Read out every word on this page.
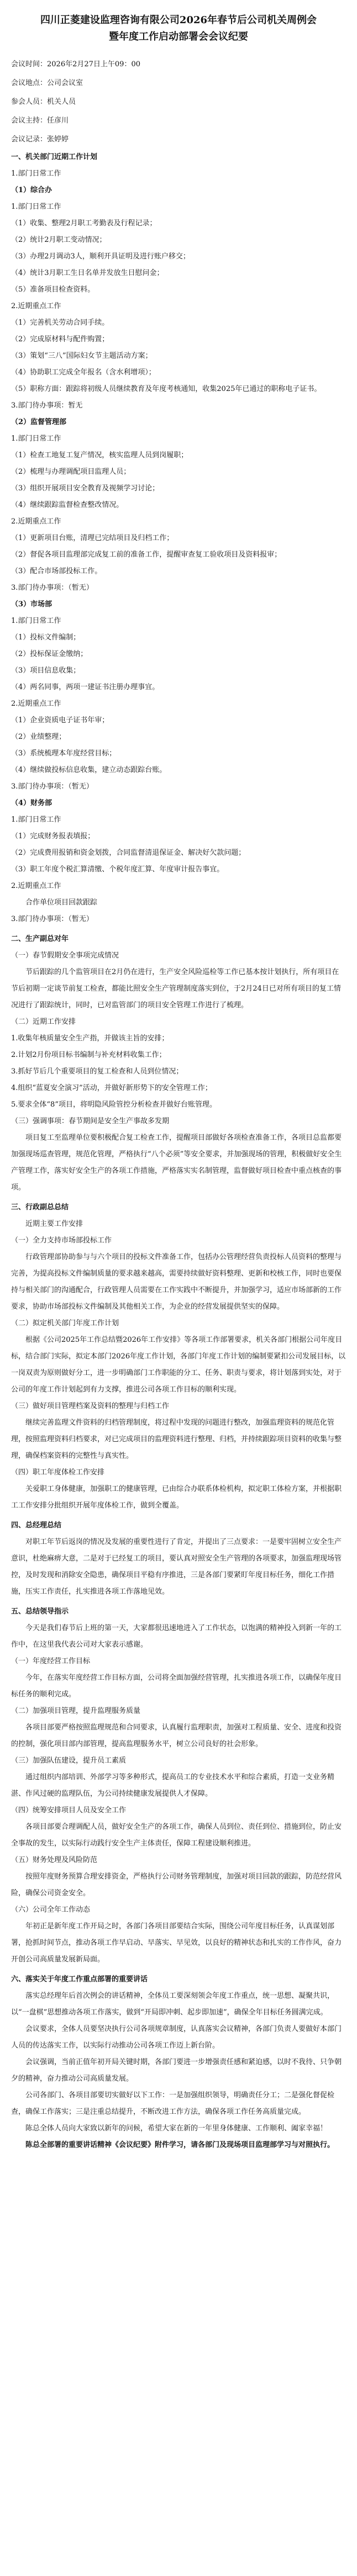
四川正菱建设监理咨询有限公司2026年春节后公司机关周例会
暨年度工作启动部署会会议纪要

会议时间：2026年2月27日上午09：00

会议地点：公司会议室

参会人员：机关人员

会议主持：任彦川

会议记录：张婷婷

一、机关部门近期工作计划

1.部门日常工作

（1）综合办

1.部门日常工作

（1）收集、整理2月职工考勤表及行程记录；

（2）统计2月职工变动情况；

（3）办理2月调动3人，顺利开具证明及进行账户移交；

（4）统计3月职工生日名单并发放生日慰问金；

（5）准备项目检查资料。

2.近期重点工作

（1）完善机关劳动合同手续。

（2）完成原材料与配件购置；

（3）策划“三八”国际妇女节主题活动方案；

（4）协助职工完成全年报名（含水利增项）；

（5）职称方面：跟踪将初级人员继续教育及年度考核通知，收集2025年已通过的职称电子证书。

3.部门待办事项：暂无

（2）监督管理部

1.部门日常工作

（1）检查工地复工复产情况，核实监理人员到岗履职；

（2）梳理与办理调配项目监理人员；

（3）组织开展项目安全教育及视频学习讨论；

（4）继续跟踪监督检查整改情况。

2.近期重点工作

（1）更新项目台账，清理已完结项目及归档工作；

（2）督促各项目监理部完成复工前的准备工作，提醒审查复工验收项目及资料报审；

（3）配合市场部投标工作。

3.部门待办事项：（暂无）

（3）市场部

1.部门日常工作

（1）投标文件编制；

（2）投标保证金缴纳；

（3）项目信息收集；

（4）两名同事，两项一建证书注册办理事宜。

2.近期重点工作

（1）企业资质电子证书年审；

（2）业绩整理；

（3）系统梳理本年度经营目标；

（4）继续做投标信息收集，建立动态跟踪台账。

3.部门待办事项：（暂无）

（4）财务部

1.部门日常工作

（1）完成财务报表填报；

（2）完成费用报销和资金划拨，合同监督清退保证金、解决好欠款问题；

（3）职工年度个税汇算清缴、个税年度汇算、年度审计报告事宜。

2.近期重点工作

合作单位项目回款跟踪

3.部门待办事项：（暂无）

二、生产副总对年

（一）春节假期安全事项完成情况

节后跟踪的几个监管项目在2月仍在进行，生产安全风险巡检等工作已基本按计划执行，所有项目在节后初期一定谈节前复工检查，都能比照安全生产管理制度落实到位，于2月24日已对所有项目的复工情况进行了跟踪统计，同时，已对监管部门的项目安全管理工作进行了梳理。

（二）近期工作安排

1.收集年核质量安全生产指，并做该主旨的安排；

2.计划2月份项目标书编制与补充材料收集工作；

3.抓好节后几个重要项目的复工检查和人员到位情况；

4.组织“蓝夏安全演习”活动，并做好新形势下的安全管理工作；

5.要求全体“8”项目，将明隐风险管控分析检查并做好台账管理。

（三）强调事项：春节期间是安全生产事故多发期

项目复工至监理单位要积极配合复工检查工作，提醒项目部做好各项检查准备工作，各项目总监都要加强现场巡查管理，规范化管理，严格执行“八个必须”等安全要求，并加强现场的管理，积极做好安全生产管理工作，落实好安全生产的各项工作措施，严格落实实名制管理，监督做好项目检查中重点核查的事项。

三、行政副总总结

近期主要工作安排

（一）全力支持市场部投标工作

行政管理部协助参与与六个项目的投标文件准备工作，包括办公管理经营负责投标人员资料的整理与完善，为提高投标文件编制质量的要求越来越高，需要持续做好资料整理、更新和校核工作，同时也要保持与相关部门的沟通配合，行政管理人员需要在工作实践中不断提升，并加强学习，适应市场部新的工作要求，协助市场部投标文件编制及其他相关工作，为企业的经营发展提供坚实的保障。

（二）拟定机关部门年度工作计划

根据《公司2025年工作总结暨2026年工作安排》等各项工作部署要求，机关各部门根据公司年度目标，结合部门实际，拟定本部门2026年度工作计划，各部门年度工作计划的编制要紧扣公司发展目标，以一岗双责为原则做好分工，进一步明确部门工作职能的分工、任务、职责与要求，将计划落到实处，对于公司的年度工作计划起到有力支撑，推进公司各项工作目标的顺利实现。

（三）做好项目管理档案及资料的整理与归档工作

继续完善监理文件资料的归档管理制度，将过程中发现的问题进行整改，加强监理资料的规范化管理，按照监理资料归档要求，对已完成项目的监理资料进行整理、归档，并持续跟踪项目资料的收集与整理，确保档案资料的完整性与真实性。

（四）职工年度体检工作安排

关爱职工身体健康，加强职工的健康管理，已由综合办联系体检机构，拟定职工体检方案，并根据职工工作安排分批组织开展年度体检工作，做到全覆盖。

四、总经理总结

对职工年节后返岗的情况及发展的重要性进行了肯定，并提出了三点要求：一是要牢固树立安全生产意识，杜绝麻痹大意，二是对于已经复工的项目，要认真对照安全生产管理的各项要求，加强监理现场管控，及时发现和消除安全隐患，确保项目平稳有序推进，三是各部门要紧盯年度目标任务，细化工作措施，压实工作责任，扎实推进各项工作落地见效。

五、总结领导指示

今天是我们春节后上班的第一天，大家都很迅速地进入了工作状态，以饱满的精神投入到新一年的工作中，在这里我代表公司对大家表示感谢。

（一）年度经营工作目标

今年，在落实年度经营工作目标方面，公司将全面加强经营管理，扎实推进各项工作，以确保年度目标任务的顺利完成。

（二）加强项目管理，提升监理服务质量

各项目部要严格按照监理规范和合同要求，认真履行监理职责，加强对工程质量、安全、进度和投资的控制，强化项目部内部管理，提高监理服务水平，树立公司良好的社会形象。

（三）加强队伍建设，提升员工素质

通过组织内部培训、外部学习等多种形式，提高员工的专业技术水平和综合素质，打造一支业务精湛、作风过硬的监理队伍，为公司持续健康发展提供人才保障。

（四）统筹安排项目人员及安全工作

各项目部要合理调配人员，做好安全生产的各项工作，确保人员到位、责任到位、措施到位，防止安全事故的发生，以实际行动践行安全生产主体责任，保障工程建设顺利推进。

（五）财务处理及风险防范

按照年度财务预算合理安排资金，严格执行公司财务管理制度，加强对项目回款的跟踪，防范经营风险，确保公司资金安全。

（六）公司全年工作动态

年初正是新年度工作开局之时，各部门各项目部要结合实际，围绕公司年度目标任务，认真谋划部署，抢抓时间节点，推动各项工作早启动、早落实、早见效，以良好的精神状态和扎实的工作作风，奋力开创公司高质量发展新局面。

六、落实关于年度工作重点部署的重要讲话

落实总经理年后首次例会的讲话精神，全体员工要深刻领会年度工作重点，统一思想、凝聚共识，以“一盘棋”思想推动各项工作落实，做到“开局即冲刺、起步即加速”，确保全年目标任务圆满完成。

会议要求，全体人员要坚决执行公司各项规章制度，认真落实会议精神，各部门负责人要做好本部门人员的传达落实工作，以实际行动推动公司各项工作迈上新台阶。

会议强调，当前正值年初开局关键时期，各部门要进一步增强责任感和紧迫感，以时不我待、只争朝夕的精神，奋力推动公司高质量发展。

公司各部门、各项目部要切实做好以下工作：一是加强组织领导，明确责任分工；二是强化督促检查，确保工作落实；三是注重总结提升，不断改进工作方法，确保各项工作任务高质量完成。

陈总全体人员向大家致以新年的问候，希望大家在新的一年里身体健康、工作顺利、阖家幸福！

陈总全部署的重要讲话精神《会议纪要》附件学习，请各部门及现场项目监理部学习与对照执行。
